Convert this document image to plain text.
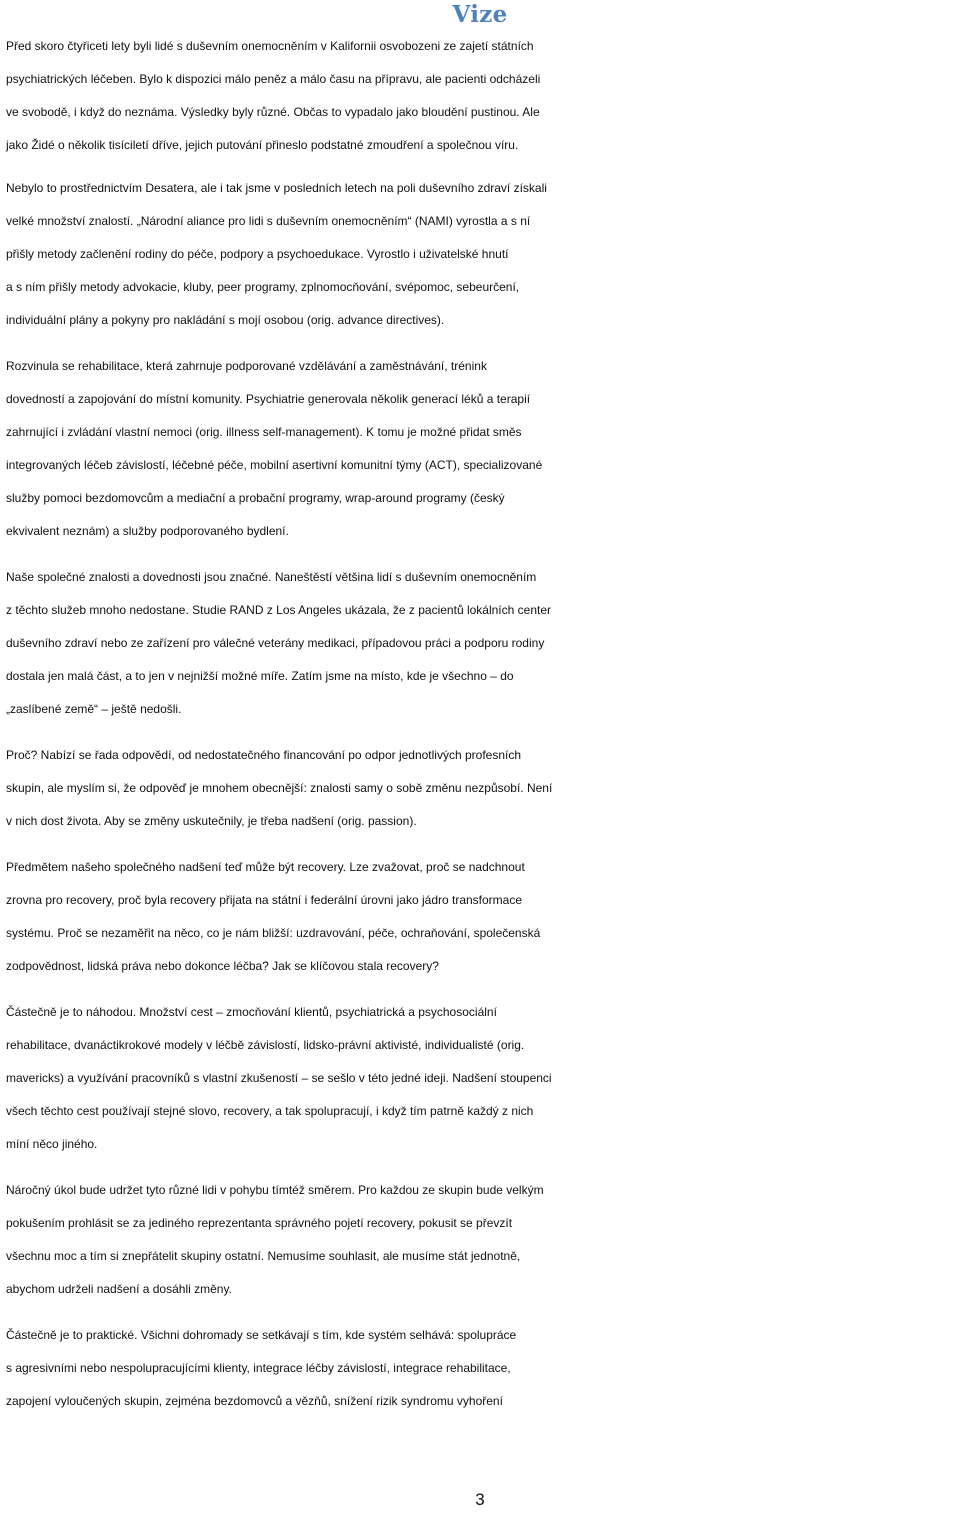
Vize

Před skoro čtyřiceti lety byli lidé s duševním onemocněním v Kalifornii osvobozeni ze zajetí státních
psychiatrických léčeben. Bylo k dispozici málo peněz a málo času na přípravu, ale pacienti odcházeli
ve svobodě, i když do neznáma. Výsledky byly různé. Občas to vypadalo jako bloudění pustinou. Ale
jako Židé o několik tisíciletí dříve, jejich putování přineslo podstatné zmoudření a společnou víru.

Nebylo to prostřednictvím Desatera, ale i tak jsme v posledních letech na poli duševního zdraví získali
velké množství znalostí. „Národní aliance pro lidi s duševním onemocněním“ (NAMI) vyrostla a s ní
přišly metody začlenění rodiny do péče, podpory a psychoedukace. Vyrostlo i uživatelské hnutí
a s ním přišly metody advokacie, kluby, peer programy, zplnomocňování, svépomoc, sebeurčení,
individuální plány a pokyny pro nakládání s mojí osobou (orig. advance directives).

Rozvinula se rehabilitace, která zahrnuje podporované vzdělávání a zaměstnávání, trénink
dovedností a zapojování do místní komunity. Psychiatrie generovala několik generací léků a terapií
zahrnující i zvládání vlastní nemoci (orig. illness self-management). K tomu je možné přidat směs
integrovaných léčeb závislostí, léčebné péče, mobilní asertivní komunitní týmy (ACT), specializované
služby pomoci bezdomovcům a mediační a probační programy, wrap-around programy (český
ekvivalent neznám) a služby podporovaného bydlení.

Naše společné znalosti a dovednosti jsou značné. Naneštěstí většina lidí s duševním onemocněním
z těchto služeb mnoho nedostane. Studie RAND z Los Angeles ukázala, že z pacientů lokálních center
duševního zdraví nebo ze zařízení pro válečné veterány medikaci, případovou práci a podporu rodiny
dostala jen malá část, a to jen v nejnižší možné míře. Zatím jsme na místo, kde je všechno – do
„zaslíbené země“ – ještě nedošli.

Proč? Nabízí se řada odpovědí, od nedostatečného financování po odpor jednotlivých profesních
skupin, ale myslím si, že odpověď je mnohem obecnější: znalosti samy o sobě změnu nezpůsobí. Není
v nich dost života. Aby se změny uskutečnily, je třeba nadšení (orig. passion).

Předmětem našeho společného nadšení teď může být recovery. Lze zvažovat, proč se nadchnout
zrovna pro recovery, proč byla recovery přijata na státní i federální úrovni jako jádro transformace
systému. Proč se nezaměřit na něco, co je nám bližší: uzdravování, péče, ochraňování, společenská
zodpovědnost, lidská práva nebo dokonce léčba? Jak se klíčovou stala recovery?

Částečně je to náhodou. Množství cest – zmocňování klientů, psychiatrická a psychosociální
rehabilitace, dvanáctikrokové modely v léčbě závislostí, lidsko-právní aktivisté, individualisté (orig.
mavericks) a využívání pracovníků s vlastní zkušeností – se sešlo v této jedné ideji. Nadšení stoupenci
všech těchto cest používají stejné slovo, recovery, a tak spolupracují, i když tím patrně každý z nich
míní něco jiného.

Náročný úkol bude udržet tyto různé lidi v pohybu tímtéž směrem. Pro každou ze skupin bude velkým
pokušením prohlásit se za jediného reprezentanta správného pojetí recovery, pokusit se převzít
všechnu moc a tím si znepřátelit skupiny ostatní. Nemusíme souhlasit, ale musíme stát jednotně,
abychom udrželi nadšení a dosáhli změny.

Částečně je to praktické. Všichni dohromady se setkávají s tím, kde systém selhává: spolupráce
s agresivními nebo nespolupracujícími klienty, integrace léčby závislostí, integrace rehabilitace,
zapojení vyloučených skupin, zejména bezdomovců a vězňů, snížení rizik syndromu vyhoření

3
